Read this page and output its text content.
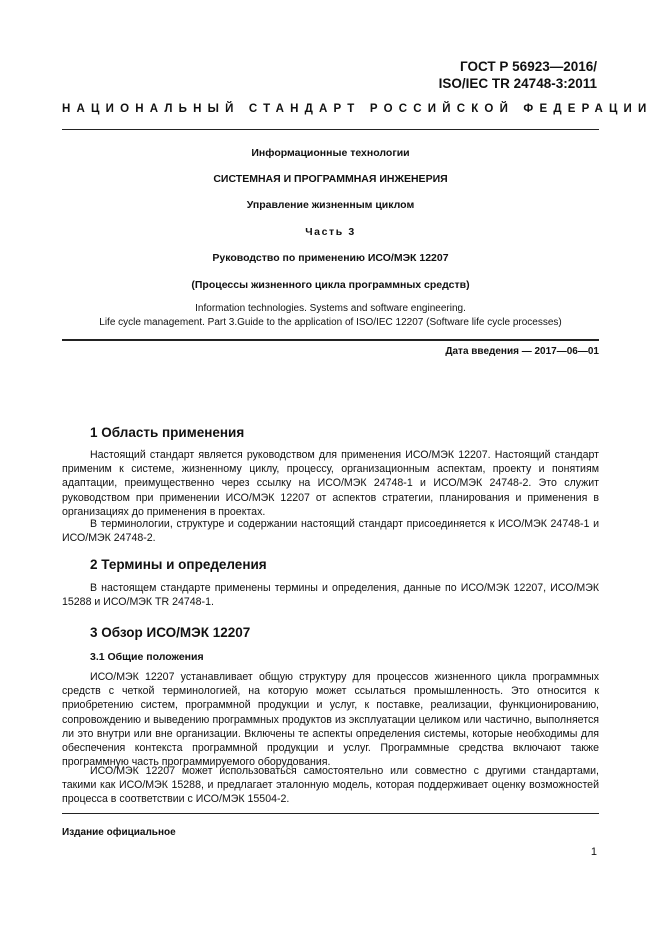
ГОСТ Р 56923—2016/
ISO/IEC TR 24748-3:2011
НАЦИОНАЛЬНЫЙ СТАНДАРТ РОССИЙСКОЙ ФЕДЕРАЦИИ
Информационные технологии
СИСТЕМНАЯ И ПРОГРАММНАЯ ИНЖЕНЕРИЯ
Управление жизненным циклом
Часть 3
Руководство по применению ИСО/МЭК 12207
(Процессы жизненного цикла программных средств)
Information technologies. Systems and software engineering.
Life cycle management. Part 3.Guide to the application of ISO/IEC 12207 (Software life cycle processes)
Дата введения — 2017—06—01
1 Область применения

Настоящий стандарт является руководством для применения ИСО/МЭК 12207. Настоящий стандарт применим к системе, жизненному циклу, процессу, организационным аспектам, проекту и понятиям адаптации, преимущественно через ссылку на ИСО/МЭК 24748-1 и ИСО/МЭК 24748-2. Это служит руководством при применении ИСО/МЭК 12207 от аспектов стратегии, планирования и применения в организациях до применения в проектах.

В терминологии, структуре и содержании настоящий стандарт присоединяется к ИСО/МЭК 24748-1 и ИСО/МЭК 24748-2.

2 Термины и определения

В настоящем стандарте применены термины и определения, данные по ИСО/МЭК 12207, ИСО/МЭК 15288 и ИСО/МЭК TR 24748-1.

3 Обзор ИСО/МЭК 12207
3.1 Общие положения

ИСО/МЭК 12207 устанавливает общую структуру для процессов жизненного цикла программных средств с четкой терминологией, на которую может ссылаться промышленность. Это относится к приобретению систем, программной продукции и услуг, к поставке, реализации, функционированию, сопровождению и выведению программных продуктов из эксплуатации целиком или частично, выполняется ли это внутри или вне организации. Включены те аспекты определения системы, которые необходимы для обеспечения контекста программной продукции и услуг. Программные средства включают также программную часть программируемого оборудования.

ИСО/МЭК 12207 может использоваться самостоятельно или совместно с другими стандартами, такими как ИСО/МЭК 15288, и предлагает эталонную модель, которая поддерживает оценку возможностей процесса в соответствии с ИСО/МЭК 15504-2.

Издание официальное
1
